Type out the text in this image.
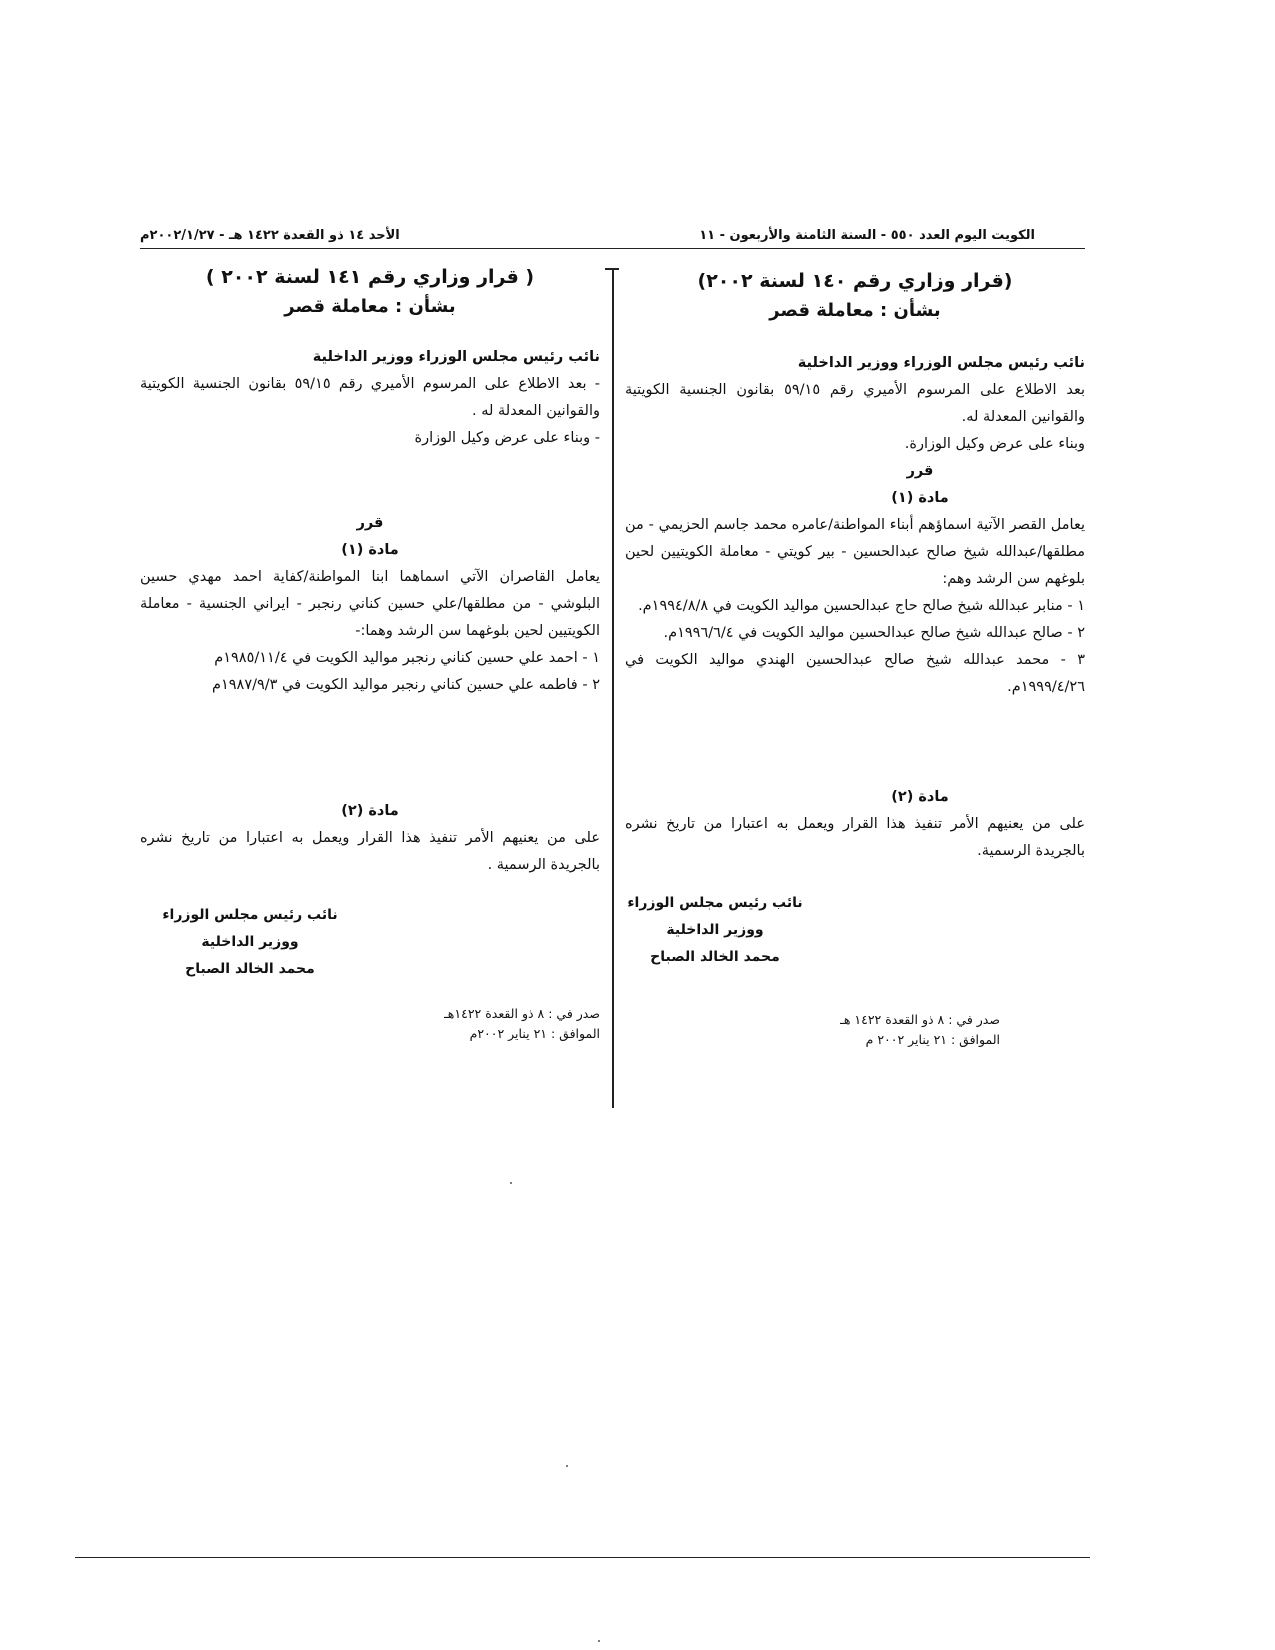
الكويت اليوم العدد ٥٥٠ - السنة الثامنة والأربعون - ١١
الأحد ١٤ ذو القعدة ١٤٢٢ هـ - ٢٠٠٢/١/٢٧م
(قرار وزاري رقم ١٤٠ لسنة ٢٠٠٢)
بشأن : معاملة قصر
نائب رئيس مجلس الوزراء ووزير الداخلية
بعد الاطلاع على المرسوم الأميري رقم ٥٩/١٥ بقانون الجنسية الكويتية والقوانين المعدلة له.
وبناء على عرض وكيل الوزارة.
قرر
مادة (١)
يعامل القصر الآتية اسماؤهم أبناء المواطنة/عامره محمد جاسم الحزيمي - من مطلقها/عبدالله شيخ صالح عبدالحسين - بير كويتي - معاملة الكويتيين لحين بلوغهم سن الرشد وهم:
١ - منابر عبدالله شيخ صالح حاج عبدالحسين مواليد الكويت في ١٩٩٤/٨/٨م.
٢ - صالح عبدالله شيخ صالح عبدالحسين مواليد الكويت في ١٩٩٦/٦/٤م.
٣ - محمد عبدالله شيخ صالح عبدالحسين الهندي مواليد الكويت في ١٩٩٩/٤/٢٦م.
مادة (٢)
على من يعنيهم الأمر تنفيذ هذا القرار ويعمل به اعتبارا من تاريخ نشره بالجريدة الرسمية.
نائب رئيس مجلس الوزراء
ووزير الداخلية
محمد الخالد الصباح
صدر في : ٨ ذو القعدة ١٤٢٢ هـ
الموافق : ٢١ يناير ٢٠٠٢ م
( قرار وزاري رقم ١٤١ لسنة ٢٠٠٢ )
بشأن : معاملة قصر
نائب رئيس مجلس الوزراء ووزير الداخلية
- بعد الاطلاع على المرسوم الأميري رقم ٥٩/١٥ بقانون الجنسية الكويتية والقوانين المعدلة له .
- وبناء على عرض وكيل الوزارة
قرر
مادة (١)
يعامل القاصران الآتي اسماهما ابنا المواطنة/كفاية احمد مهدي حسين البلوشي - من مطلقها/علي حسين كناني رنجبر - ايراني الجنسية - معاملة الكويتيين لحين بلوغهما سن الرشد وهما:-
١ - احمد علي حسين كناني رنجبر مواليد الكويت في ١٩٨٥/١١/٤م
٢ - فاطمه علي حسين كناني رنجبر مواليد الكويت في ١٩٨٧/٩/٣م
مادة (٢)
على من يعنيهم الأمر تنفيذ هذا القرار ويعمل به اعتبارا من تاريخ نشره بالجريدة الرسمية .
نائب رئيس مجلس الوزراء
ووزير الداخلية
محمد الخالد الصباح
صدر في : ٨ ذو القعدة ١٤٢٢هـ
الموافق : ٢١ يناير ٢٠٠٢م
